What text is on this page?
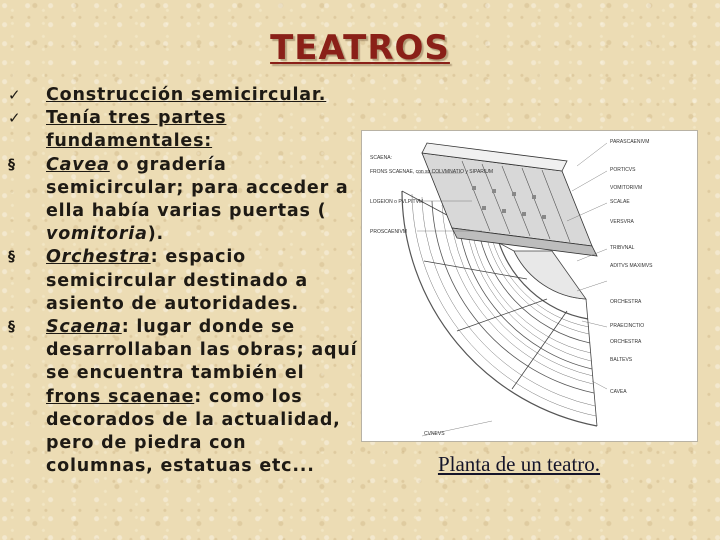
TEATROS
✓	Construcción semicircular.
✓	Tenía tres partes fundamentales:
§	Cavea o gradería semicircular; para acceder a ella había varias puertas ( vomitoria).
§	Orchestra: espacio semicircular destinado a asiento de autoridades.
§	Scaena: lugar donde se desarrollaban las obras; aquí se encuentra también el frons scaenae: como los decorados de la actualidad, pero de piedra con columnas, estatuas etc...
SCAENA:
FRONS SCAENAE, con su COLVMNATIO y SIPARIUM
LOGEION o PVLPITVM
PROSCAENIVM
PARASCAENIVM
PORTICVS
VOMITORIVM
SCALAE
VERSVRA
TRIBVNAL
ADITVS MAXIMVS
ORCHESTRA
PRAECINCTIO
ORCHESTRA
BALTEVS
CAVEA
CVNEVS
Planta de un teatro.
